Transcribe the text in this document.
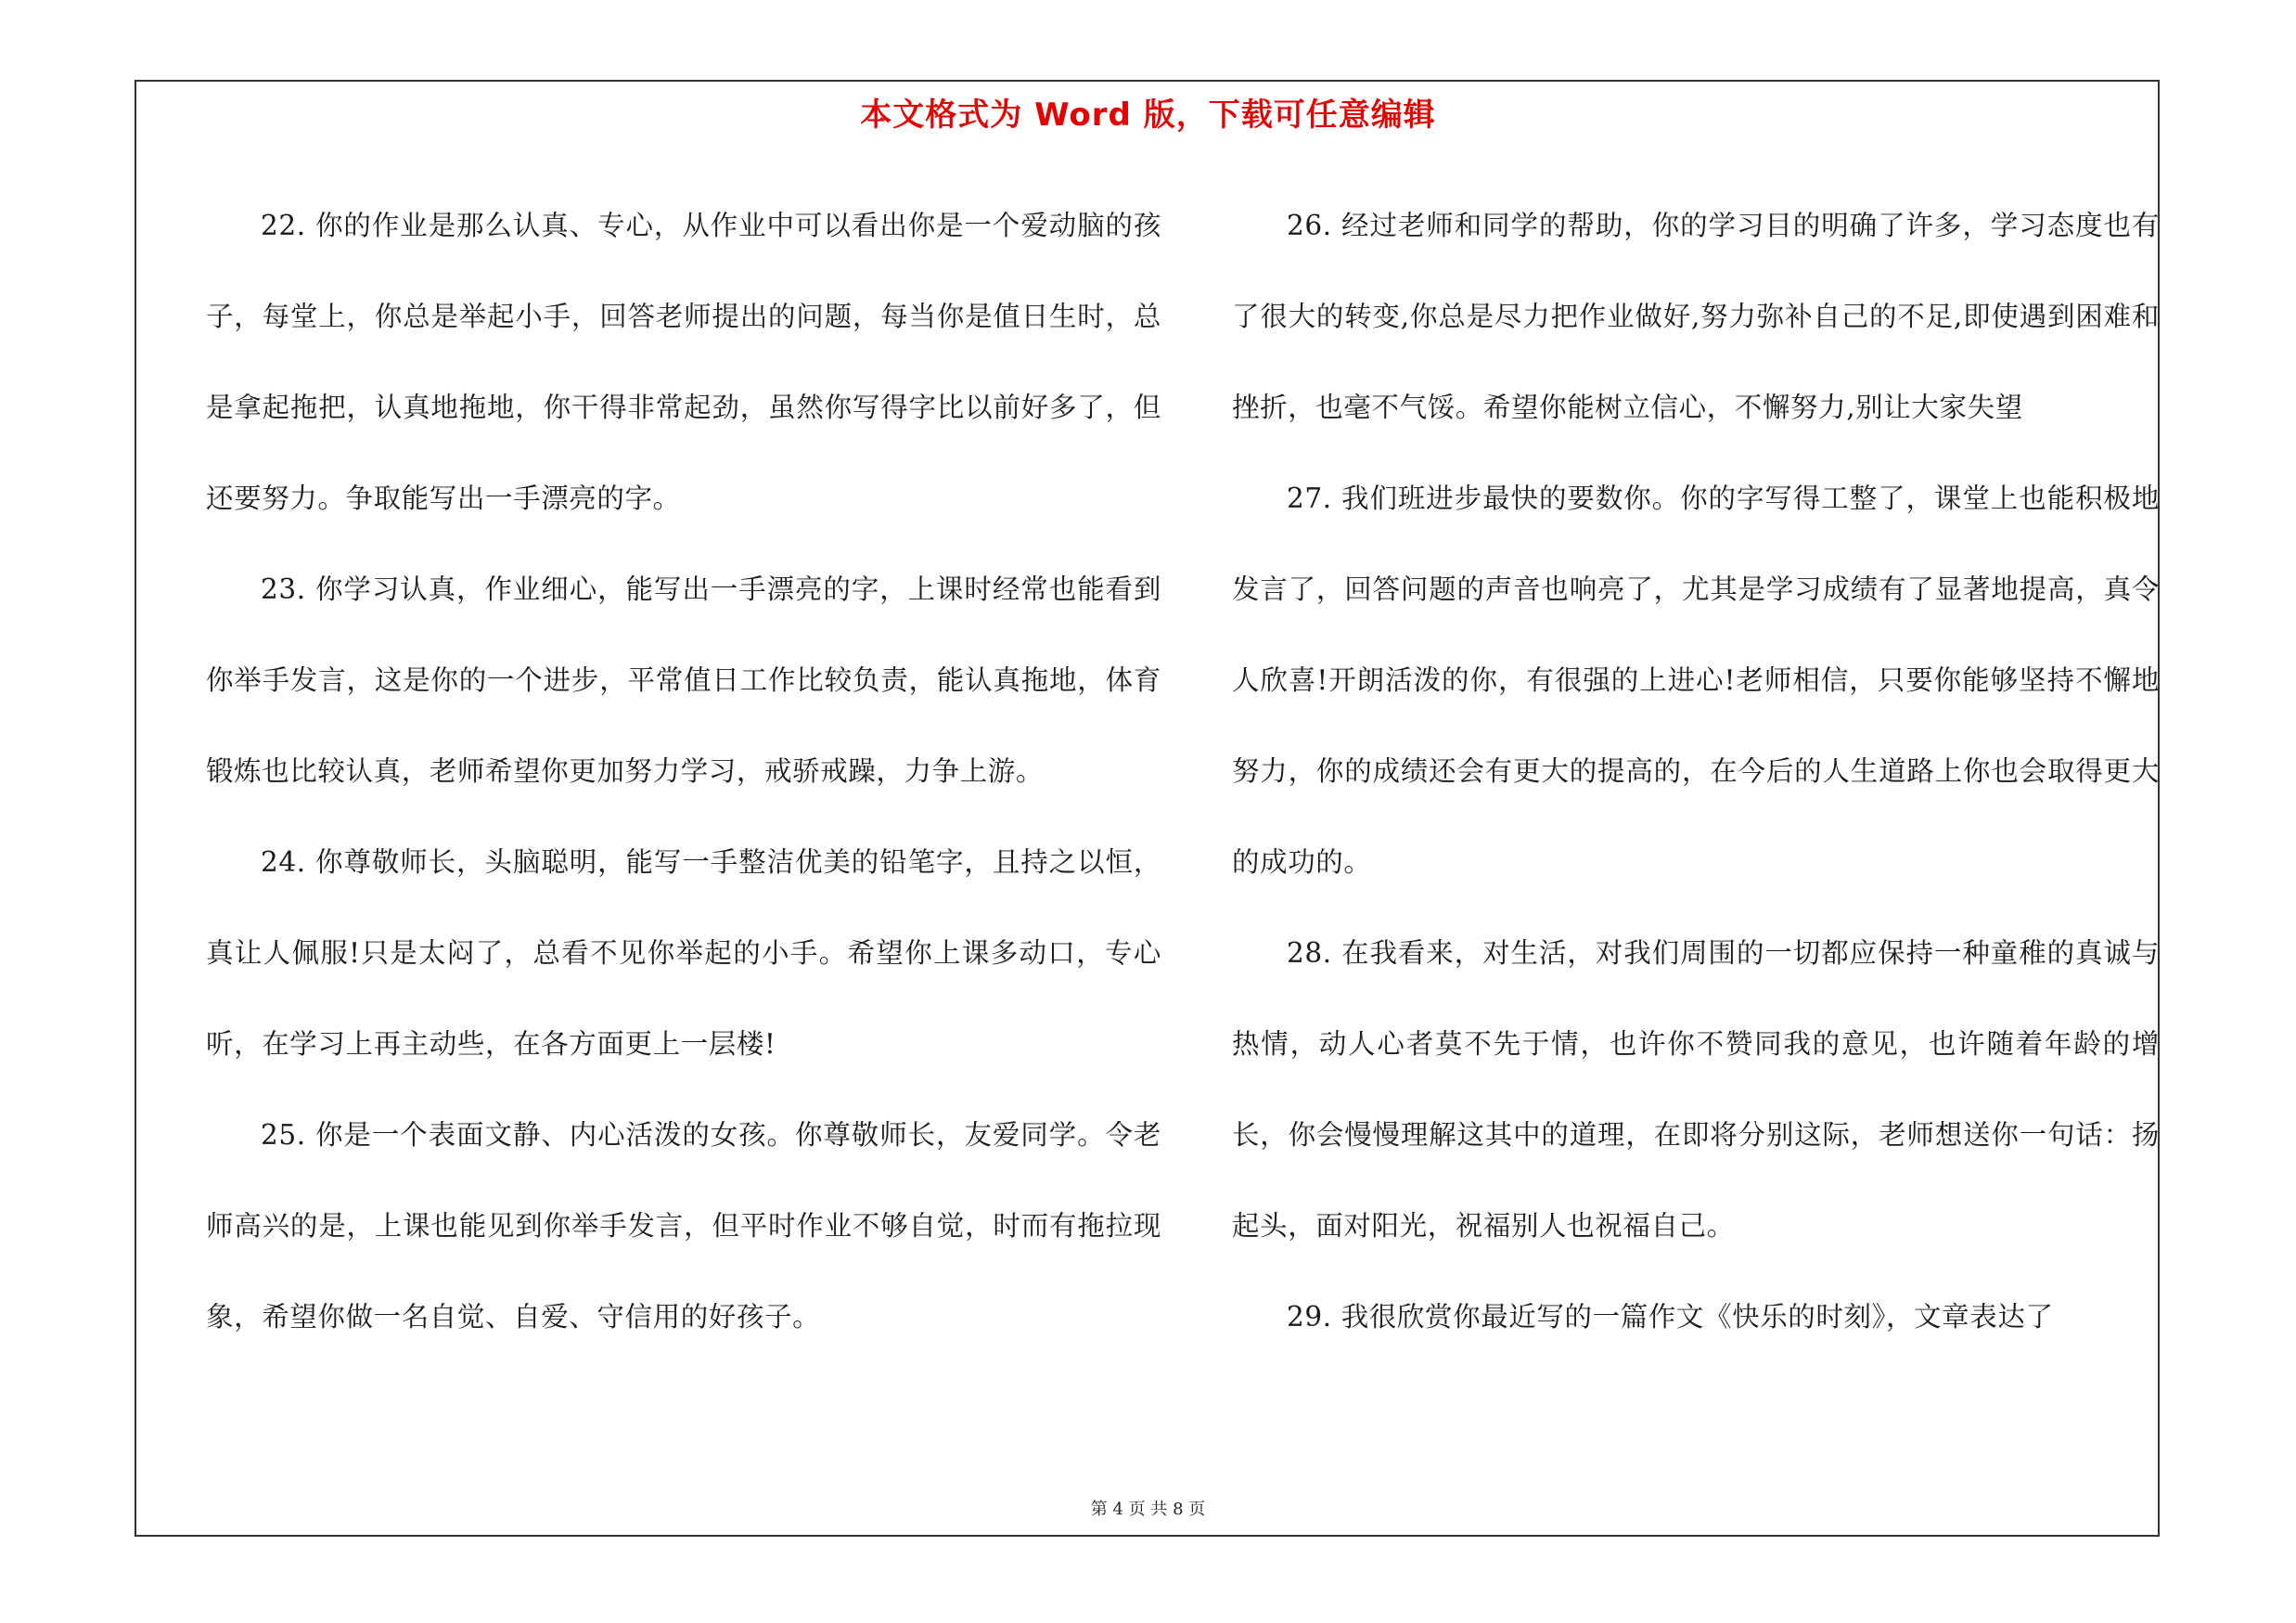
本文格式为 Word 版，下载可任意编辑

22. 你的作业是那么认真、专心，从作业中可以看出你是一个爱动脑的孩子，每堂上，你总是举起小手，回答老师提出的问题，每当你是值日生时，总是拿起拖把，认真地拖地，你干得非常起劲，虽然你写得字比以前好多了，但还要努力。争取能写出一手漂亮的字。

23. 你学习认真，作业细心，能写出一手漂亮的字，上课时经常也能看到你举手发言，这是你的一个进步，平常值日工作比较负责，能认真拖地，体育锻炼也比较认真，老师希望你更加努力学习，戒骄戒躁，力争上游。

24. 你尊敬师长，头脑聪明，能写一手整洁优美的铅笔字，且持之以恒，真让人佩服!只是太闷了，总看不见你举起的小手。希望你上课多动口，专心听，在学习上再主动些，在各方面更上一层楼!

25. 你是一个表面文静、内心活泼的女孩。你尊敬师长，友爱同学。令老师高兴的是，上课也能见到你举手发言，但平时作业不够自觉，时而有拖拉现象，希望你做一名自觉、自爱、守信用的好孩子。

26. 经过老师和同学的帮助，你的学习目的明确了许多，学习态度也有了很大的转变,你总是尽力把作业做好,努力弥补自己的不足,即使遇到困难和挫折，也毫不气馁。希望你能树立信心，不懈努力,别让大家失望

27. 我们班进步最快的要数你。你的字写得工整了，课堂上也能积极地发言了，回答问题的声音也响亮了，尤其是学习成绩有了显著地提高，真令人欣喜!开朗活泼的你，有很强的上进心!老师相信，只要你能够坚持不懈地努力，你的成绩还会有更大的提高的，在今后的人生道路上你也会取得更大的成功的。

28. 在我看来，对生活，对我们周围的一切都应保持一种童稚的真诚与热情，动人心者莫不先于情，也许你不赞同我的意见，也许随着年龄的增长，你会慢慢理解这其中的道理，在即将分别这际，老师想送你一句话：扬起头，面对阳光，祝福别人也祝福自己。

29. 我很欣赏你最近写的一篇作文《快乐的时刻》，文章表达了

第 4 页 共 8 页
